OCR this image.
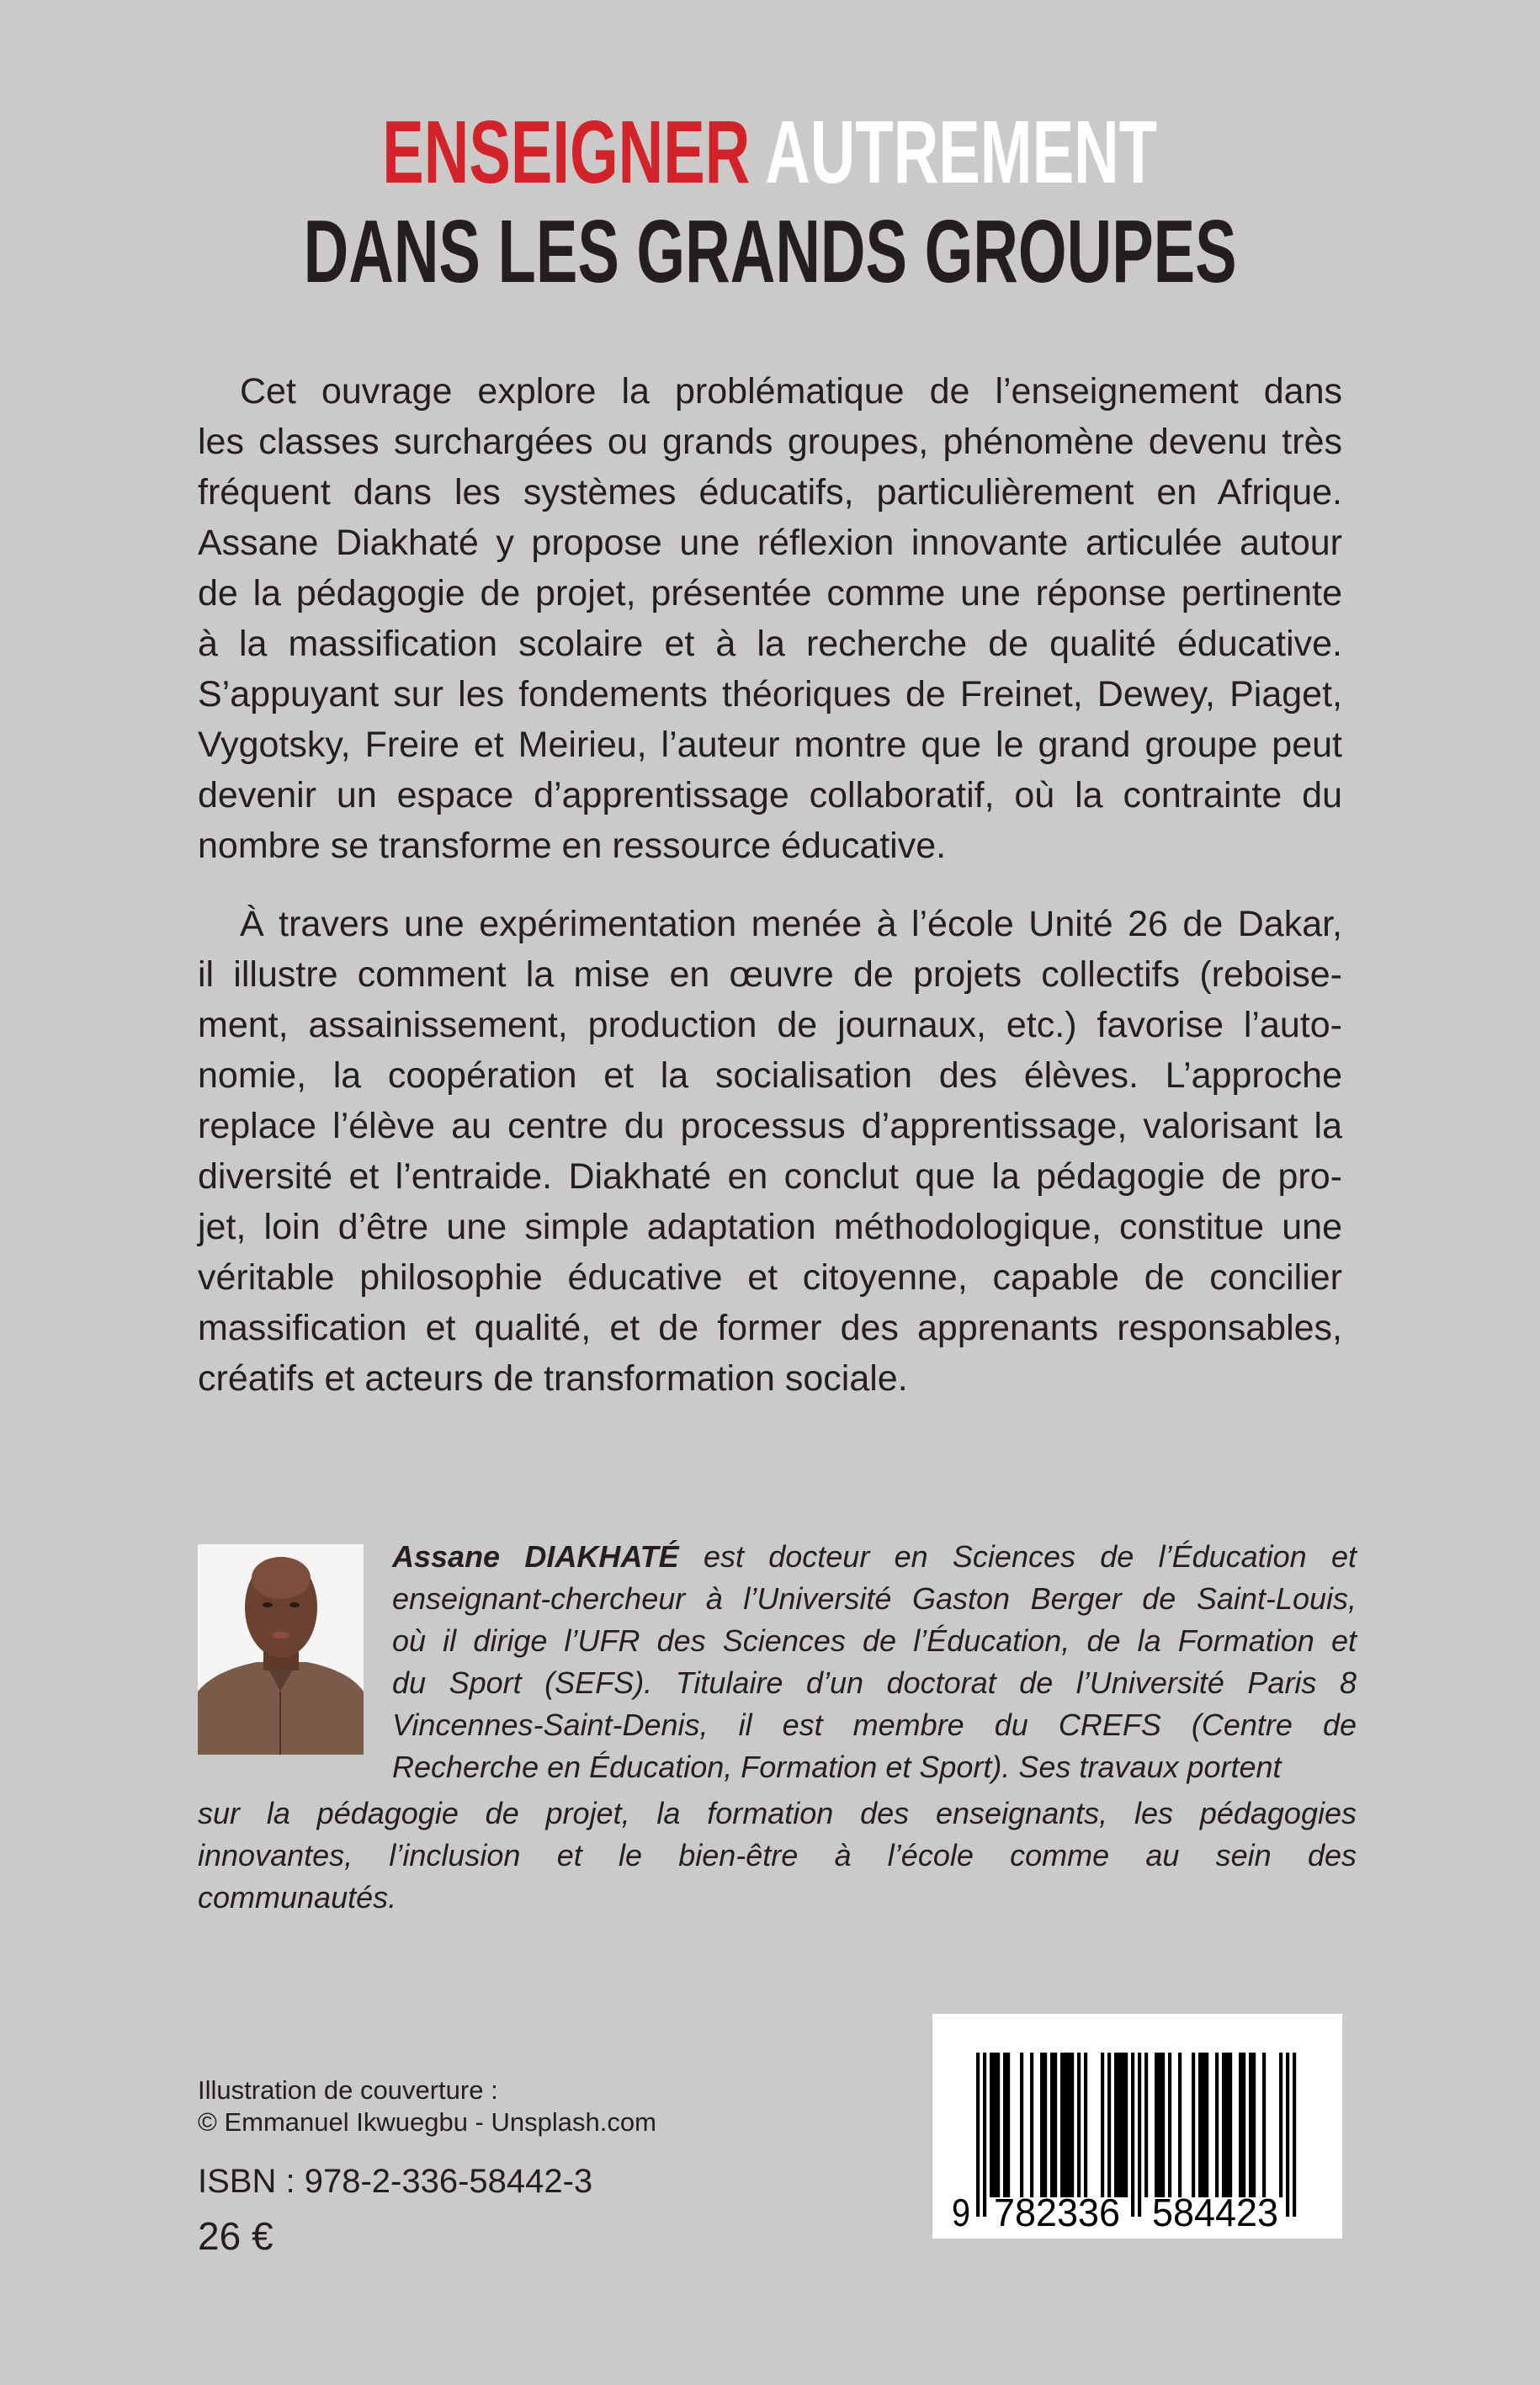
ENSEIGNER AUTREMENT
DANS LES GRANDS GROUPES
Cet ouvrage explore la problématique de l’enseignement dans
les classes surchargées ou grands groupes, phénomène devenu très
fréquent dans les systèmes éducatifs, particulièrement en Afrique.
Assane Diakhaté y propose une réflexion innovante articulée autour
de la pédagogie de projet, présentée comme une réponse pertinente
à la massification scolaire et à la recherche de qualité éducative.
S’appuyant sur les fondements théoriques de Freinet, Dewey, Piaget,
Vygotsky, Freire et Meirieu, l’auteur montre que le grand groupe peut
devenir un espace d’apprentissage collaboratif, où la contrainte du
nombre se transforme en ressource éducative.
À travers une expérimentation menée à l’école Unité 26 de Dakar,
il illustre comment la mise en œuvre de projets collectifs (reboise-
ment, assainissement, production de journaux, etc.) favorise l’auto-
nomie, la coopération et la socialisation des élèves. L’approche
replace l’élève au centre du processus d’apprentissage, valorisant la
diversité et l’entraide. Diakhaté en conclut que la pédagogie de pro-
jet, loin d’être une simple adaptation méthodologique, constitue une
véritable philosophie éducative et citoyenne, capable de concilier
massification et qualité, et de former des apprenants responsables,
créatifs et acteurs de transformation sociale.
Assane DIAKHATÉ est docteur en Sciences de l’Éducation et
enseignant-chercheur à l’Université Gaston Berger de Saint-Louis,
où il dirige l’UFR des Sciences de l’Éducation, de la Formation et
du Sport (SEFS). Titulaire d’un doctorat de l’Université Paris 8
Vincennes-Saint-Denis, il est membre du CREFS (Centre de
Recherche en Éducation, Formation et Sport). Ses travaux portent
sur la pédagogie de projet, la formation des enseignants, les pédagogies
innovantes, l’inclusion et le bien-être à l’école comme au sein des
communautés.
Illustration de couverture :
© Emmanuel Ikwuegbu - Unsplash.com
ISBN : 978-2-336-58442-3
26 €
9 782336 584423
